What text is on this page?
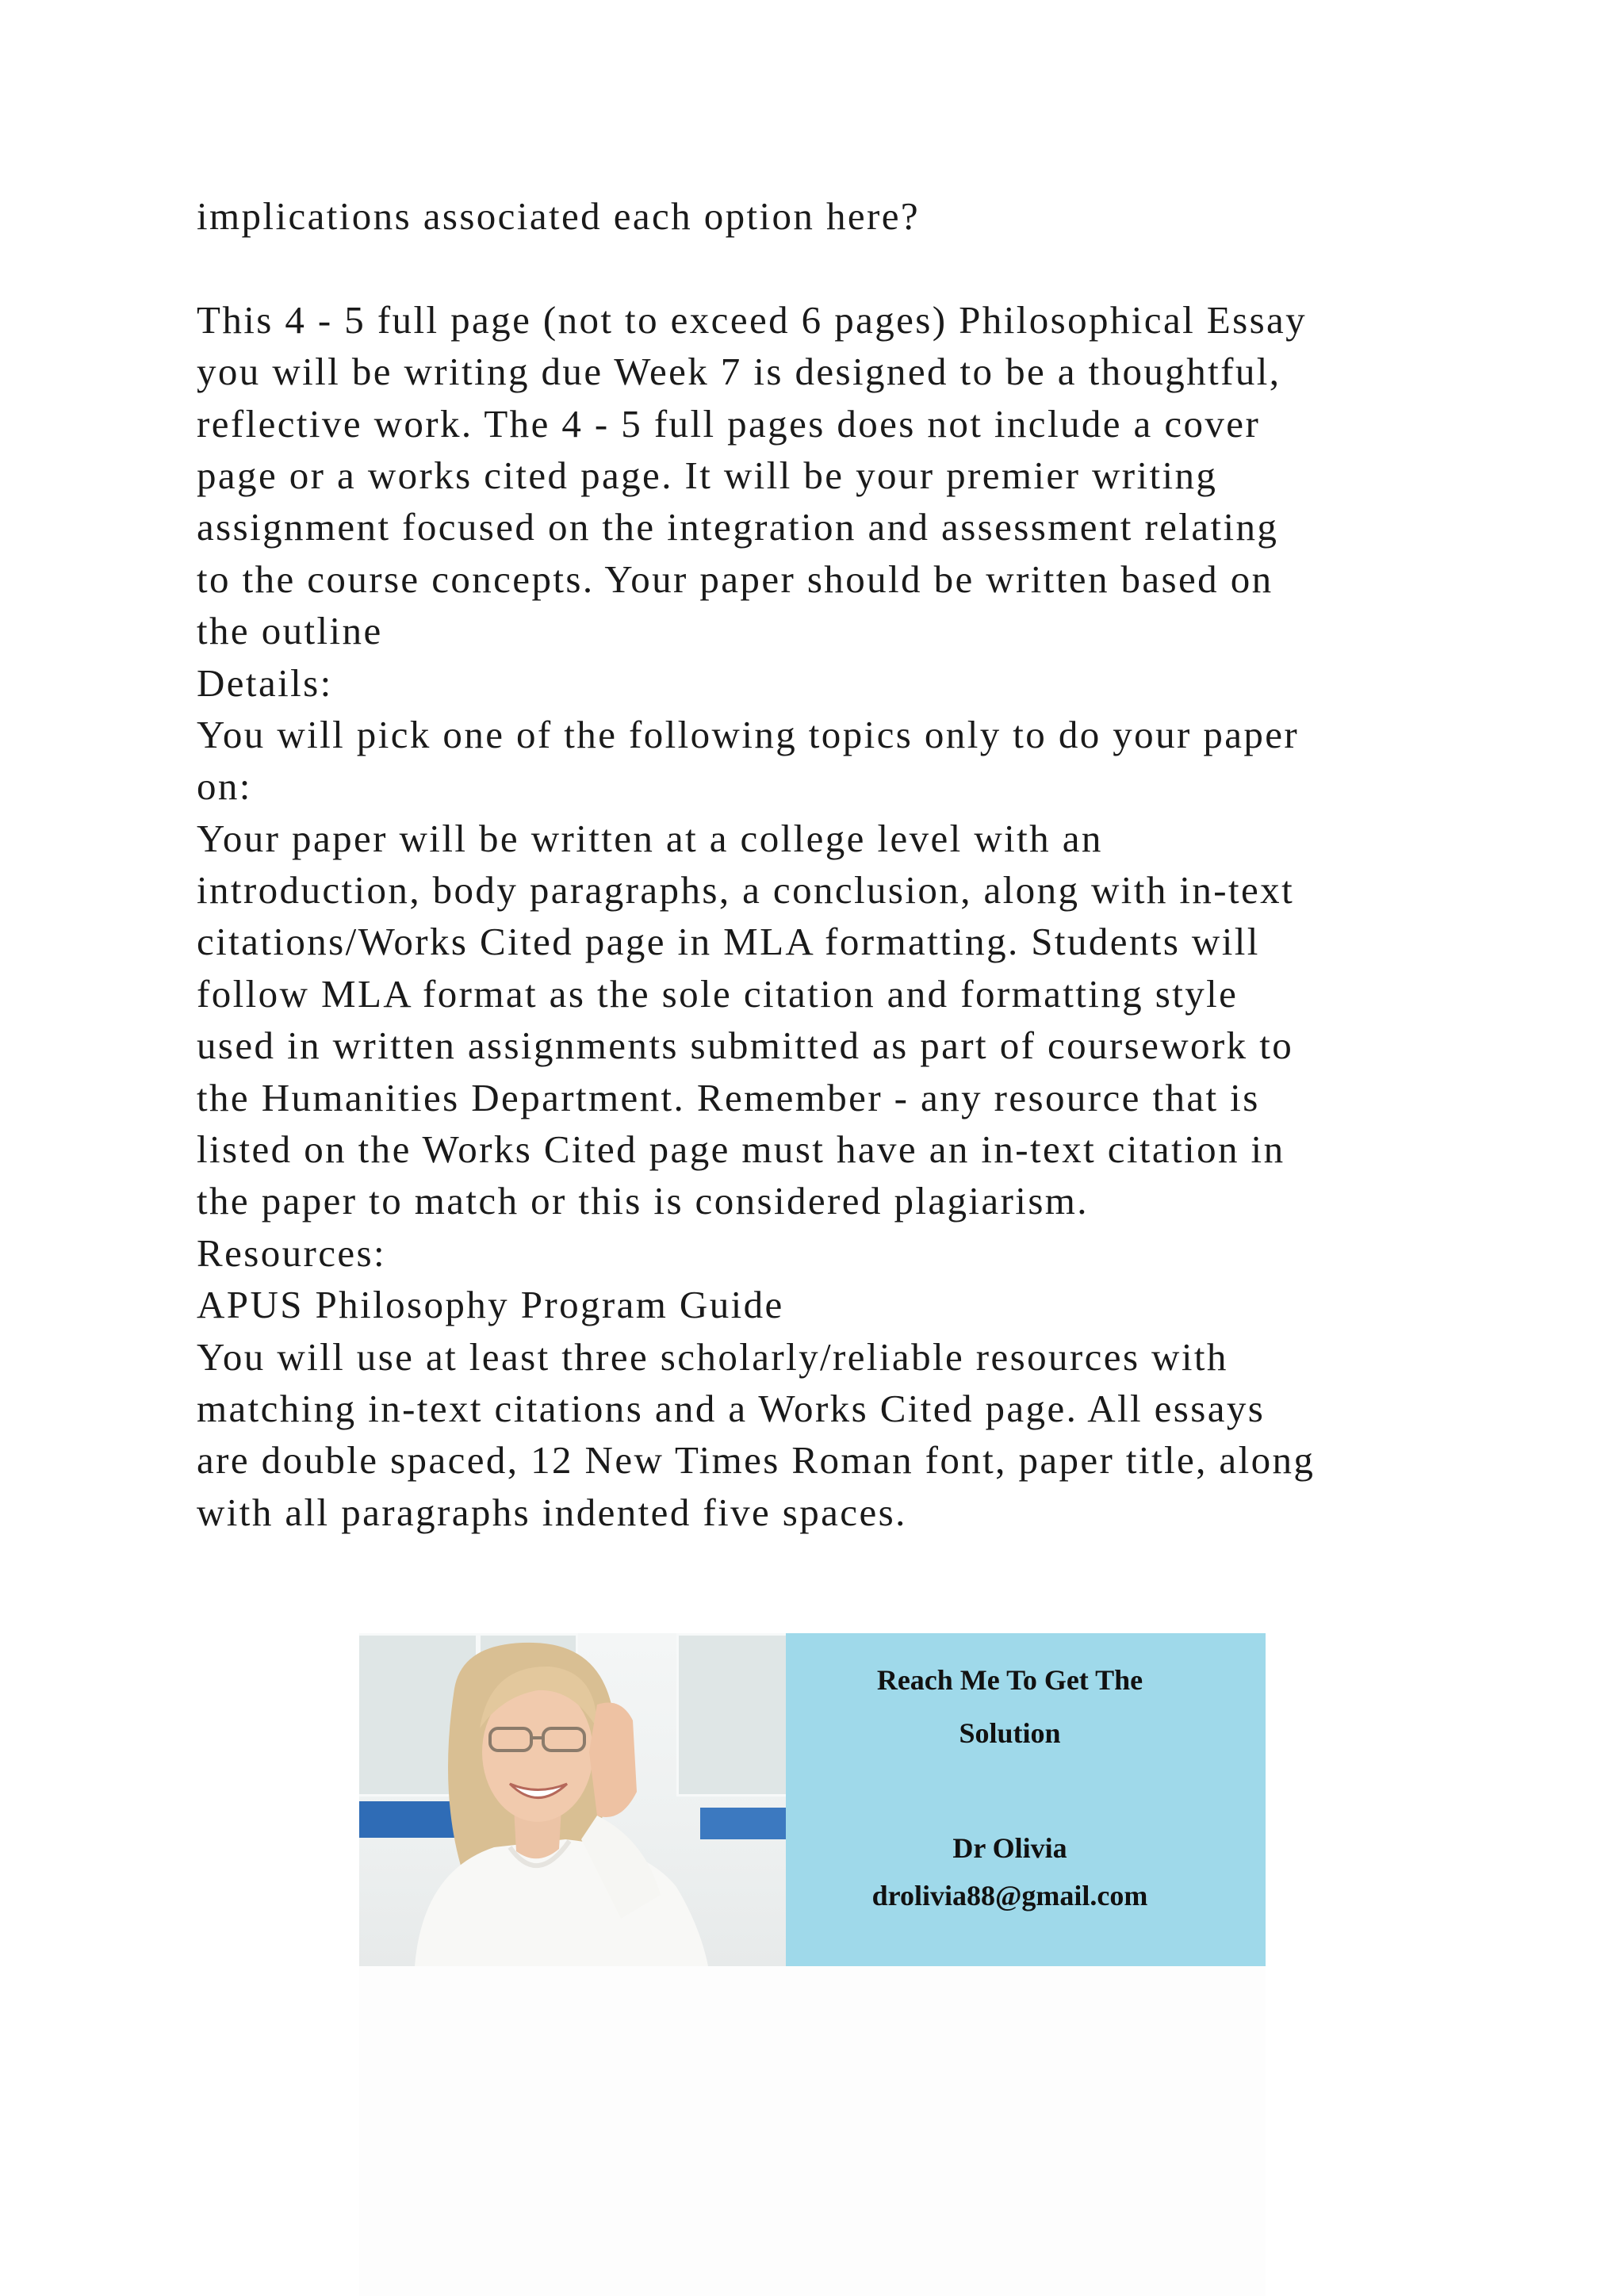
implications associated each option here?
This 4 - 5 full page (not to exceed 6 pages) Philosophical Essay
you will be writing due Week 7 is designed to be a thoughtful,
reflective work. The 4 - 5 full pages does not include a cover
page or a works cited page. It will be your premier writing
assignment focused on the integration and assessment relating
to the course concepts. Your paper should be written based on
the outline
Details:
You will pick one of the following topics only to do your paper
on:
Your paper will be written at a college level with an
introduction, body paragraphs, a conclusion, along with in-text
citations/Works Cited page in MLA formatting. Students will
follow MLA format as the sole citation and formatting style
used in written assignments submitted as part of coursework to
the Humanities Department. Remember - any resource that is
listed on the Works Cited page must have an in-text citation in
the paper to match or this is considered plagiarism.
Resources:
APUS Philosophy Program Guide
You will use at least three scholarly/reliable resources with
matching in-text citations and a Works Cited page. All essays
are double spaced, 12 New Times Roman font, paper title, along
with all paragraphs indented five spaces.
Reach Me To Get The
Solution
Dr Olivia
drolivia88@gmail.com
